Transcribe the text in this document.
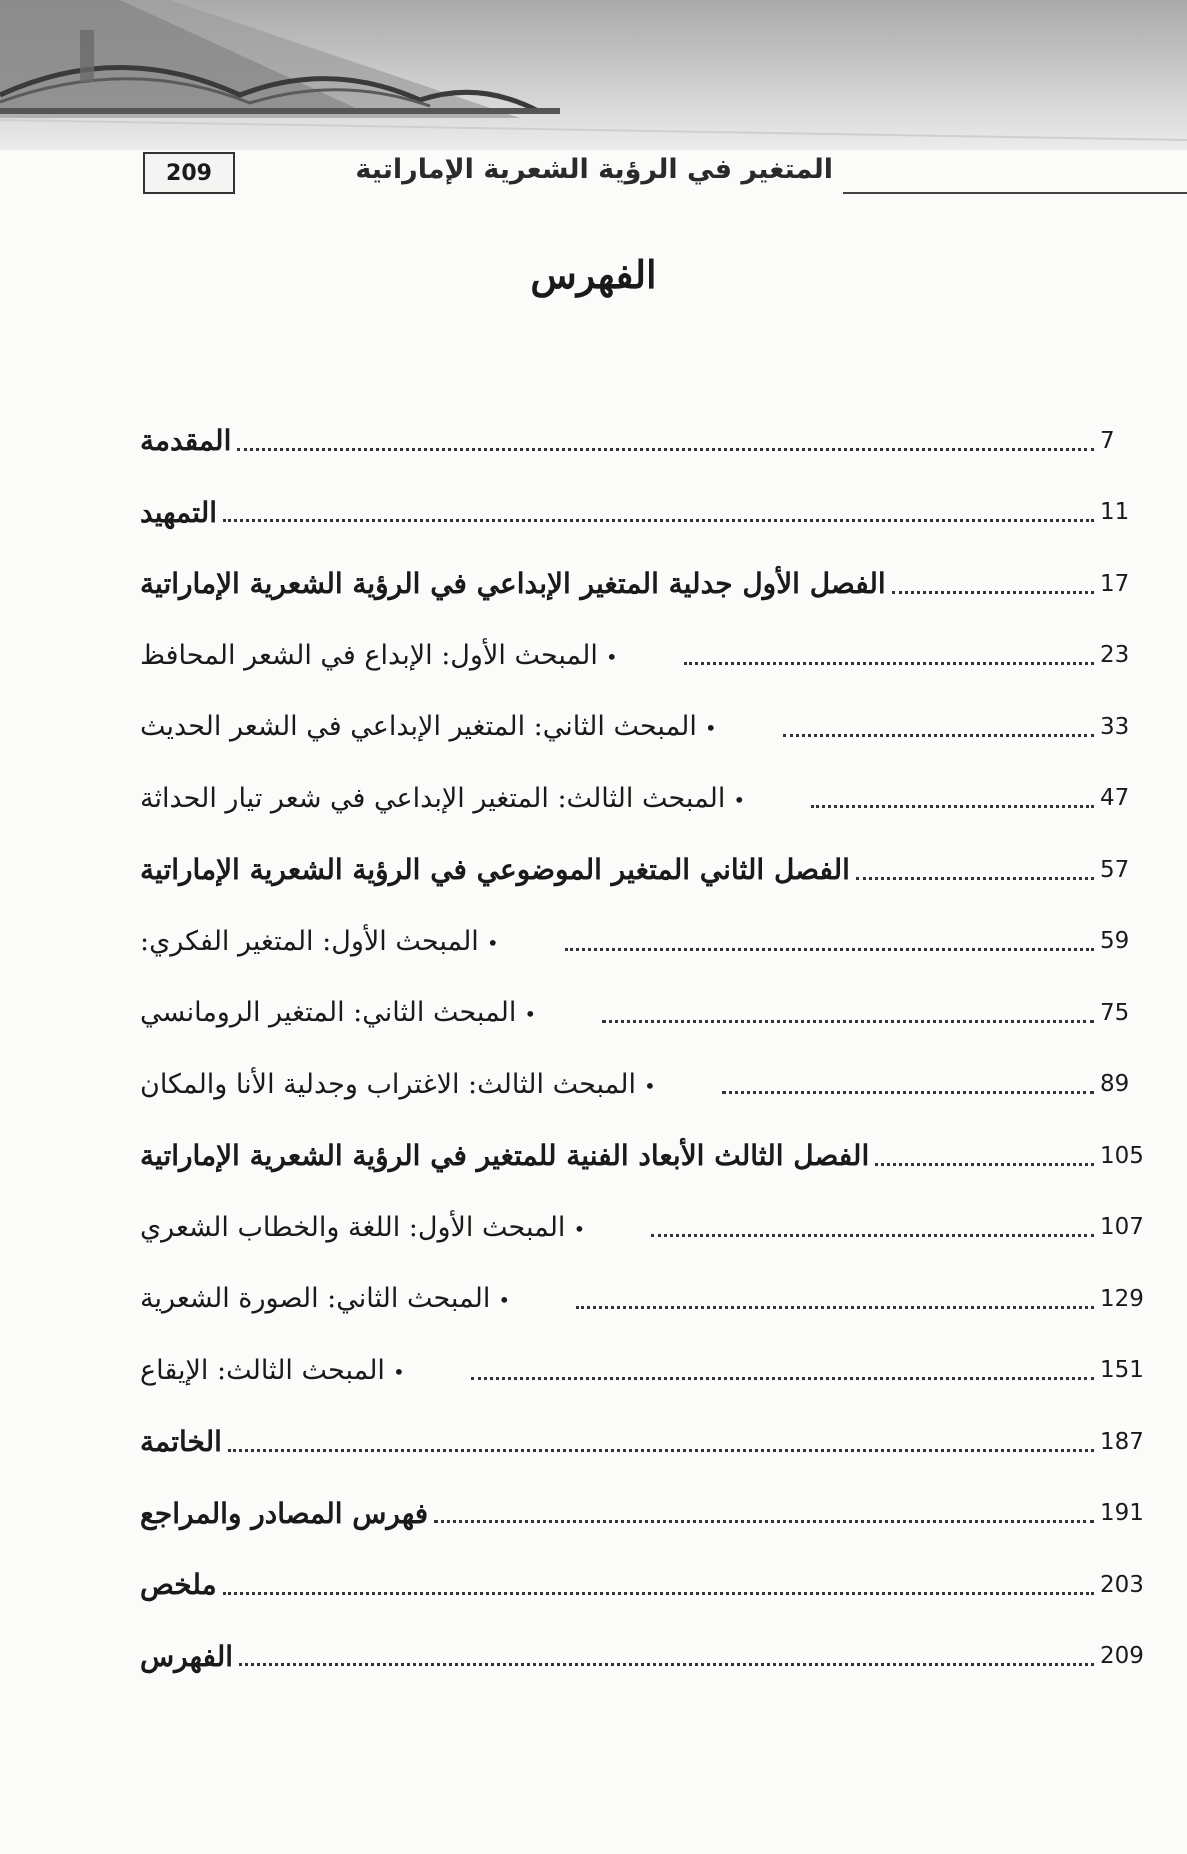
209	المتغير في الرؤية الشعرية الإماراتية
الفهرس
المقدمة	7
التمهيد	11
الفصل الأول جدلية المتغير الإبداعي في الرؤية الشعرية الإماراتية	17
•المبحث الأول: الإبداع في الشعر المحافظ	23
•المبحث الثاني: المتغير الإبداعي في الشعر الحديث	33
•المبحث الثالث: المتغير الإبداعي في شعر تيار الحداثة	47
الفصل الثاني المتغير الموضوعي في الرؤية الشعرية الإماراتية	57
•المبحث الأول: المتغير الفكري:	59
•المبحث الثاني: المتغير الرومانسي	75
•المبحث الثالث: الاغتراب وجدلية الأنا والمكان	89
الفصل الثالث الأبعاد الفنية للمتغير في الرؤية الشعرية الإماراتية	105
•المبحث الأول: اللغة والخطاب الشعري	107
•المبحث الثاني: الصورة الشعرية	129
•المبحث الثالث: الإيقاع	151
الخاتمة	187
فهرس المصادر والمراجع	191
ملخص	203
الفهرس	209
